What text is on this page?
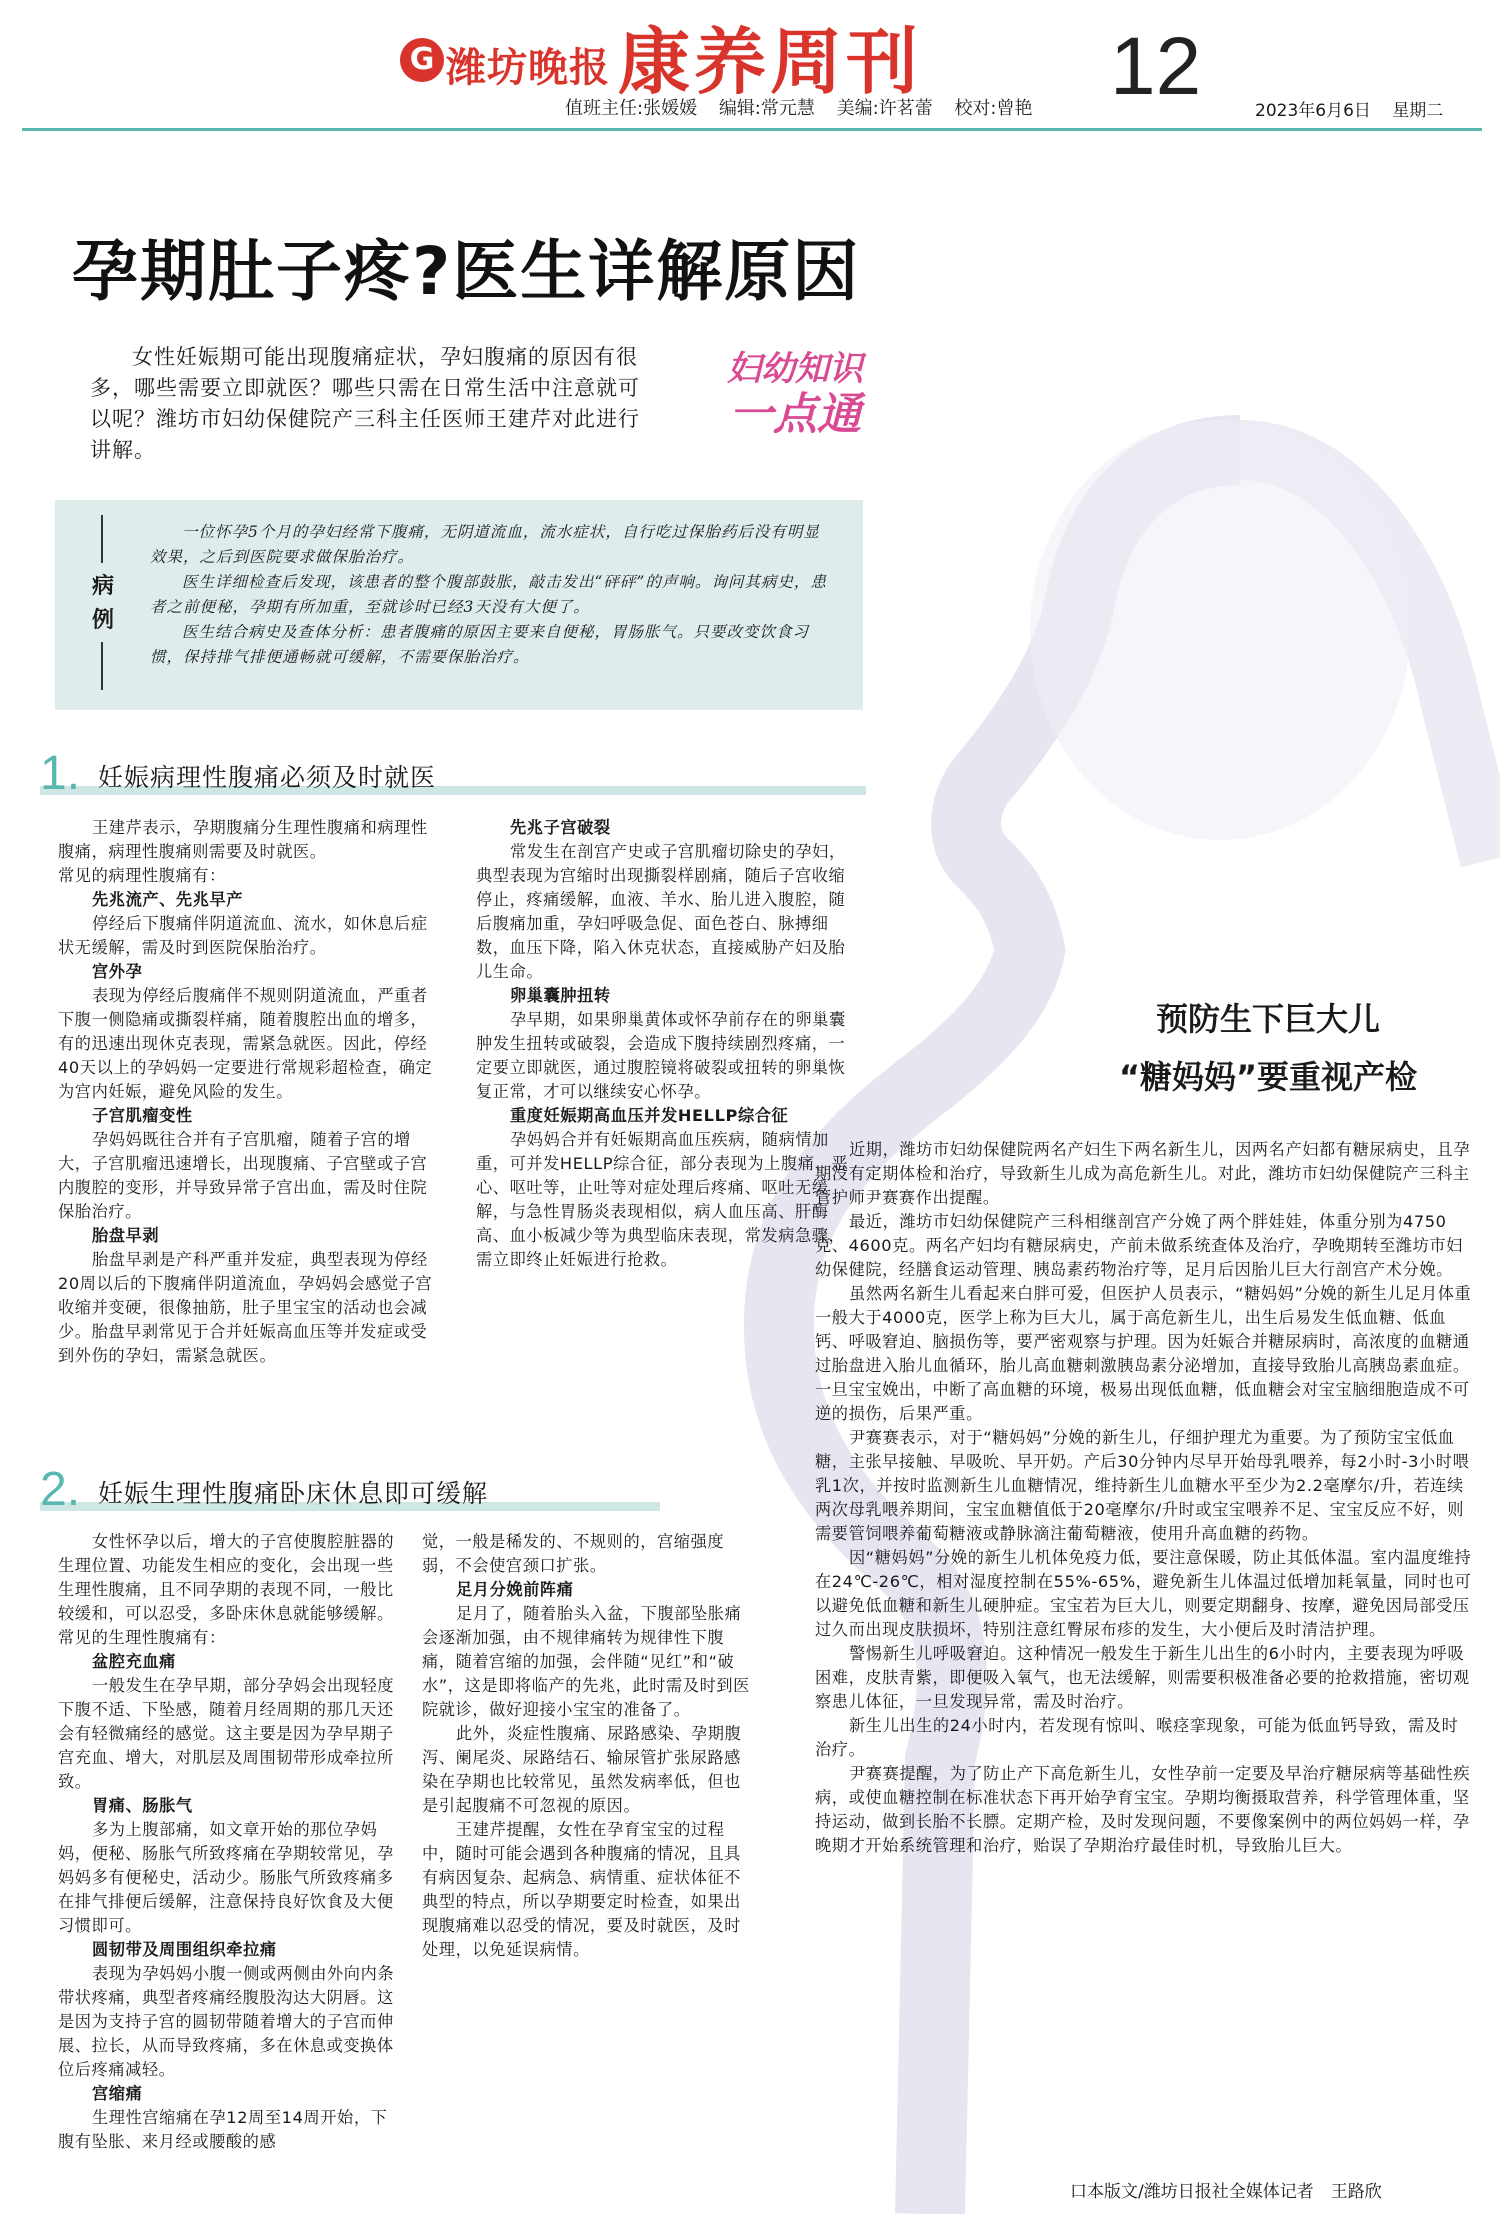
G 潍坊晚报 康养周刊
值班主任:张媛媛 编辑:常元慧 美编:许茗蕾 校对:曾艳 12	2023年6月6日 星期二
孕期肚子疼?医生详解原因
女性妊娠期可能出现腹痛症状，孕妇腹痛的原因有很多，哪些需要立即就医？哪些只需在日常生活中注意就可以呢？潍坊市妇幼保健院产三科主任医师王建芹对此进行讲解。
妇幼知识
一点通
病例

一位怀孕5个月的孕妇经常下腹痛，无阴道流血，流水症状，自行吃过保胎药后没有明显效果，之后到医院要求做保胎治疗。

医生详细检查后发现，该患者的整个腹部鼓胀，敲击发出“砰砰”的声响。询问其病史，患者之前便秘，孕期有所加重，至就诊时已经3天没有大便了。

医生结合病史及查体分析：患者腹痛的原因主要来自便秘，胃肠胀气。只要改变饮食习惯，保持排气排便通畅就可缓解，不需要保胎治疗。

1. 妊娠病理性腹痛必须及时就医

王建芹表示，孕期腹痛分生理性腹痛和病理性腹痛，病理性腹痛则需要及时就医。

常见的病理性腹痛有：

先兆流产、先兆早产

停经后下腹痛伴阴道流血、流水，如休息后症状无缓解，需及时到医院保胎治疗。

宫外孕

表现为停经后腹痛伴不规则阴道流血，严重者下腹一侧隐痛或撕裂样痛，随着腹腔出血的增多，有的迅速出现休克表现，需紧急就医。因此，停经40天以上的孕妈妈一定要进行常规彩超检查，确定为宫内妊娠，避免风险的发生。

子宫肌瘤变性

孕妈妈既往合并有子宫肌瘤，随着子宫的增大，子宫肌瘤迅速增长，出现腹痛、子宫壁或子宫内腹腔的变形，并导致异常子宫出血，需及时住院保胎治疗。

胎盘早剥

胎盘早剥是产科严重并发症，典型表现为停经20周以后的下腹痛伴阴道流血，孕妈妈会感觉子宫收缩并变硬，很像抽筋，肚子里宝宝的活动也会减少。胎盘早剥常见于合并妊娠高血压等并发症或受到外伤的孕妇，需紧急就医。

先兆子宫破裂

常发生在剖宫产史或子宫肌瘤切除史的孕妇，典型表现为宫缩时出现撕裂样剧痛，随后子宫收缩停止，疼痛缓解，血液、羊水、胎儿进入腹腔，随后腹痛加重，孕妇呼吸急促、面色苍白、脉搏细数，血压下降，陷入休克状态，直接威胁产妇及胎儿生命。

卵巢囊肿扭转

孕早期，如果卵巢黄体或怀孕前存在的卵巢囊肿发生扭转或破裂，会造成下腹持续剧烈疼痛，一定要立即就医，通过腹腔镜将破裂或扭转的卵巢恢复正常，才可以继续安心怀孕。

重度妊娠期高血压并发HELLP综合征

孕妈妈合并有妊娠期高血压疾病，随病情加重，可并发HELLP综合征，部分表现为上腹痛、恶心、呕吐等，止吐等对症处理后疼痛、呕吐无缓解，与急性胃肠炎表现相似，病人血压高、肝酶高、血小板减少等为典型临床表现，常发病急骤，需立即终止妊娠进行抢救。

2. 妊娠生理性腹痛卧床休息即可缓解

女性怀孕以后，增大的子宫使腹腔脏器的生理位置、功能发生相应的变化，会出现一些生理性腹痛，且不同孕期的表现不同，一般比较缓和，可以忍受，多卧床休息就能够缓解。常见的生理性腹痛有：

盆腔充血痛

一般发生在孕早期，部分孕妈会出现轻度下腹不适、下坠感，随着月经周期的那几天还会有轻微痛经的感觉。这主要是因为孕早期子宫充血、增大，对肌层及周围韧带形成牵拉所致。

胃痛、肠胀气

多为上腹部痛，如文章开始的那位孕妈妈，便秘、肠胀气所致疼痛在孕期较常见，孕妈妈多有便秘史，活动少。肠胀气所致疼痛多在排气排便后缓解，注意保持良好饮食及大便习惯即可。

圆韧带及周围组织牵拉痛

表现为孕妈妈小腹一侧或两侧由外向内条带状疼痛，典型者疼痛经腹股沟达大阴唇。这是因为支持子宫的圆韧带随着增大的子宫而伸展、拉长，从而导致疼痛，多在休息或变换体位后疼痛减轻。

宫缩痛

生理性宫缩痛在孕12周至14周开始，下腹有坠胀、来月经或腰酸的感

觉，一般是稀发的、不规则的，宫缩强度弱，不会使宫颈口扩张。

足月分娩前阵痛

足月了，随着胎头入盆，下腹部坠胀痛会逐渐加强，由不规律痛转为规律性下腹痛，随着宫缩的加强，会伴随“见红”和“破水”，这是即将临产的先兆，此时需及时到医院就诊，做好迎接小宝宝的准备了。

此外，炎症性腹痛、尿路感染、孕期腹泻、阑尾炎、尿路结石、输尿管扩张尿路感染在孕期也比较常见，虽然发病率低，但也是引起腹痛不可忽视的原因。

王建芹提醒，女性在孕育宝宝的过程中，随时可能会遇到各种腹痛的情况，且具有病因复杂、起病急、病情重、症状体征不典型的特点，所以孕期要定时检查，如果出现腹痛难以忍受的情况，要及时就医，及时处理，以免延误病情。

预防生下巨大儿
“糖妈妈”要重视产检

近期，潍坊市妇幼保健院两名产妇生下两名新生儿，因两名产妇都有糖尿病史，且孕期没有定期体检和治疗，导致新生儿成为高危新生儿。对此，潍坊市妇幼保健院产三科主管护师尹赛赛作出提醒。

最近，潍坊市妇幼保健院产三科相继剖宫产分娩了两个胖娃娃，体重分别为4750克、4600克。两名产妇均有糖尿病史，产前未做系统查体及治疗，孕晚期转至潍坊市妇幼保健院，经膳食运动管理、胰岛素药物治疗等，足月后因胎儿巨大行剖宫产术分娩。

虽然两名新生儿看起来白胖可爱，但医护人员表示，“糖妈妈”分娩的新生儿足月体重一般大于4000克，医学上称为巨大儿，属于高危新生儿，出生后易发生低血糖、低血钙、呼吸窘迫、脑损伤等，要严密观察与护理。因为妊娠合并糖尿病时，高浓度的血糖通过胎盘进入胎儿血循环，胎儿高血糖刺激胰岛素分泌增加，直接导致胎儿高胰岛素血症。一旦宝宝娩出，中断了高血糖的环境，极易出现低血糖，低血糖会对宝宝脑细胞造成不可逆的损伤，后果严重。

尹赛赛表示，对于“糖妈妈”分娩的新生儿，仔细护理尤为重要。为了预防宝宝低血糖，主张早接触、早吸吮、早开奶。产后30分钟内尽早开始母乳喂养，每2小时-3小时喂乳1次，并按时监测新生儿血糖情况，维持新生儿血糖水平至少为2.2毫摩尔/升，若连续两次母乳喂养期间，宝宝血糖值低于20毫摩尔/升时或宝宝喂养不足、宝宝反应不好，则需要管饲喂养葡萄糖液或静脉滴注葡萄糖液，使用升高血糖的药物。

因“糖妈妈”分娩的新生儿机体免疫力低，要注意保暖，防止其低体温。室内温度维持在24℃-26℃，相对湿度控制在55%-65%，避免新生儿体温过低增加耗氧量，同时也可以避免低血糖和新生儿硬肿症。宝宝若为巨大儿，则要定期翻身、按摩，避免因局部受压过久而出现皮肤损坏，特别注意红臀尿布疹的发生，大小便后及时清洁护理。

警惕新生儿呼吸窘迫。这种情况一般发生于新生儿出生的6小时内，主要表现为呼吸困难，皮肤青紫，即便吸入氧气，也无法缓解，则需要积极准备必要的抢救措施，密切观察患儿体征，一旦发现异常，需及时治疗。

新生儿出生的24小时内，若发现有惊叫、喉痉挛现象，可能为低血钙导致，需及时治疗。

尹赛赛提醒，为了防止产下高危新生儿，女性孕前一定要及早治疗糖尿病等基础性疾病，或使血糖控制在标准状态下再开始孕育宝宝。孕期均衡摄取营养，科学管理体重，坚持运动，做到长胎不长膘。定期产检，及时发现问题，不要像案例中的两位妈妈一样，孕晚期才开始系统管理和治疗，贻误了孕期治疗最佳时机，导致胎儿巨大。

口本版文/潍坊日报社全媒体记者　王路欣
